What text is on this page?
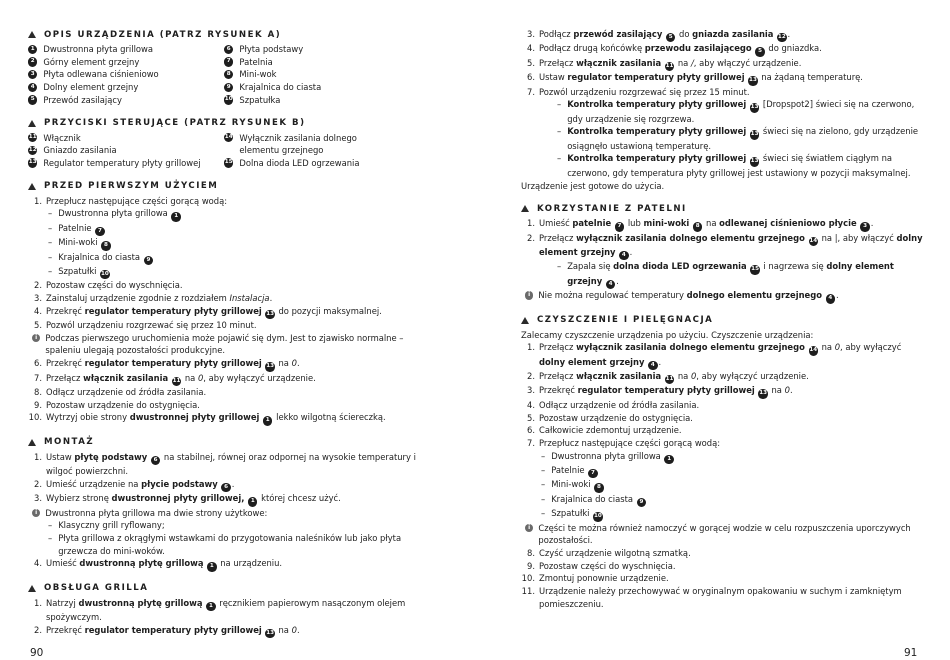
OPIS URZĄDZENIA (PATRZ RYSUNEK A)
1	Dwustronna płyta grillowa
2	Górny element grzejny
3	Płyta odlewana ciśnieniowo
4	Dolny element grzejny
5	Przewód zasilający
6	Płyta podstawy
7	Patelnia
8	Mini-wok
9	Krajalnica do ciasta
10 Szpatułka
PRZYCISKI STERUJĄCE (PATRZ RYSUNEK B)
11 Włącznik
12 Gniazdo zasilania
13 Regulator temperatury płyty grillowej
14 Wyłącznik zasilania dolnego elementu grzejnego
15 Dolna dioda LED ogrzewania
PRZED PIERWSZYM UŻYCIEM
1. Przepłucz następujące części gorącą wodą:
– Dwustronna płyta grillowa 1
– Patelnie 7
– Mini-woki 8
– Krajalnica do ciasta 9
– Szpatułki 10
2. Pozostaw części do wyschnięcia.
3. Zainstaluj urządzenie zgodnie z rozdziałem Instalacja.
4. Przekręć regulator temperatury płyty grillowej 13 do pozycji maksymalnej.
5. Pozwól urządzeniu rozgrzewać się przez 10 minut.
i Podczas pierwszego uruchomienia może pojawić się dym. Jest to zjawisko normalne – spaleniu ulegają pozostałości produkcyjne.
6. Przekręć regulator temperatury płyty grillowej 13 na 0.
7. Przełącz włącznik zasilania 11 na 0, aby wyłączyć urządzenie.
8. Odłącz urządzenie od źródła zasilania.
9. Pozostaw urządzenie do ostygnięcia.
10. Wytrzyj obie strony dwustronnej płyty grillowej 1 lekko wilgotną ściereczką.
MONTAŻ
1. Ustaw płytę podstawy 6 na stabilnej, równej oraz odpornej na wysokie temperatury i wilgoć powierzchni.
2. Umieść urządzenie na płycie podstawy 6 .
3. Wybierz stronę dwustronnej płyty grillowej, 1 której chcesz użyć.
i Dwustronna płyta grillowa ma dwie strony użytkowe:
– Klasyczny grill ryflowany;
–
Płyta grillowa z okrągłymi wstawkami do przygotowania naleśników lub jako płyta grzewcza do mini-woków.
4. Umieść dwustronną płytę grillową 1 na urządzeniu.
OBSŁUGA GRILLA
1. Natrzyj dwustronną płytę grillową 1 ręcznikiem papierowym nasączonym olejem spożywczym.
2. Przekręć regulator temperatury płyty grillowej 13 na 0.
3. Podłącz przewód zasilający 5 do gniazda zasilania 12 .
4. Podłącz drugą końcówkę przewodu zasilającego 5 do gniazdka.
5. Przełącz włącznik zasilania 11 na /, aby włączyć urządzenie.
6. Ustaw regulator temperatury płyty grillowej 13 na żądaną temperaturę.
7. Pozwól urządzeniu rozgrzewać się przez 15 minut.
– Kontrolka temperatury płyty grillowej 13 [Dropspot2] świeci się na czerwono, gdy urządzenie się rozgrzewa.
– Kontrolka temperatury płyty grillowej 13 świeci się na zielono, gdy urządzenie osiągnęło ustawioną temperaturę.
– Kontrolka temperatury płyty grillowej 13 świeci się światłem ciągłym na czerwono, gdy temperatura płyty grillowej jest ustawiony w pozycji maksymalnej.
Urządzenie jest gotowe do użycia.
KORZYSTANIE Z PATELNI
1. Umieść patelnie 7 lub mini-woki 8 na odlewanej ciśnieniowo płycie 3 .
2. Przełącz wyłącznik zasilania dolnego elementu grzejnego 14 na |, aby włączyć dolny element grzejny 4 .
– Zapala się dolna dioda LED ogrzewania 15 i nagrzewa się dolny element grzejny 4 .
i Nie można regulować temperatury dolnego elementu grzejnego 4 .
CZYSZCZENIE I PIELĘGNACJA
Zalecamy czyszczenie urządzenia po użyciu. Czyszczenie urządzenia:
1. Przełącz wyłącznik zasilania dolnego elementu grzejnego 14 na 0, aby wyłączyć dolny element grzejny 4 .
2. Przełącz włącznik zasilania 11 na 0, aby wyłączyć urządzenie.
3. Przekręć regulator temperatury płyty grillowej 13 na 0.
4. Odłącz urządzenie od źródła zasilania.
5. Pozostaw urządzenie do ostygnięcia.
6. Całkowicie zdemontuj urządzenie.
7. Przepłucz następujące części gorącą wodą:
– Dwustronna płyta grillowa 1
– Patelnie 7
– Mini-woki 8
– Krajalnica do ciasta 9
– Szpatułki 10
i Części te można również namoczyć w gorącej wodzie w celu rozpuszczenia uporczywych pozostałości.
8. Czyść urządzenie wilgotną szmatką.
9. Pozostaw części do wyschnięcia.
10. Zmontuj ponownie urządzenie.
11. Urządzenie należy przechowywać w oryginalnym opakowaniu w suchym i zamkniętym pomieszczeniu.
90	91
